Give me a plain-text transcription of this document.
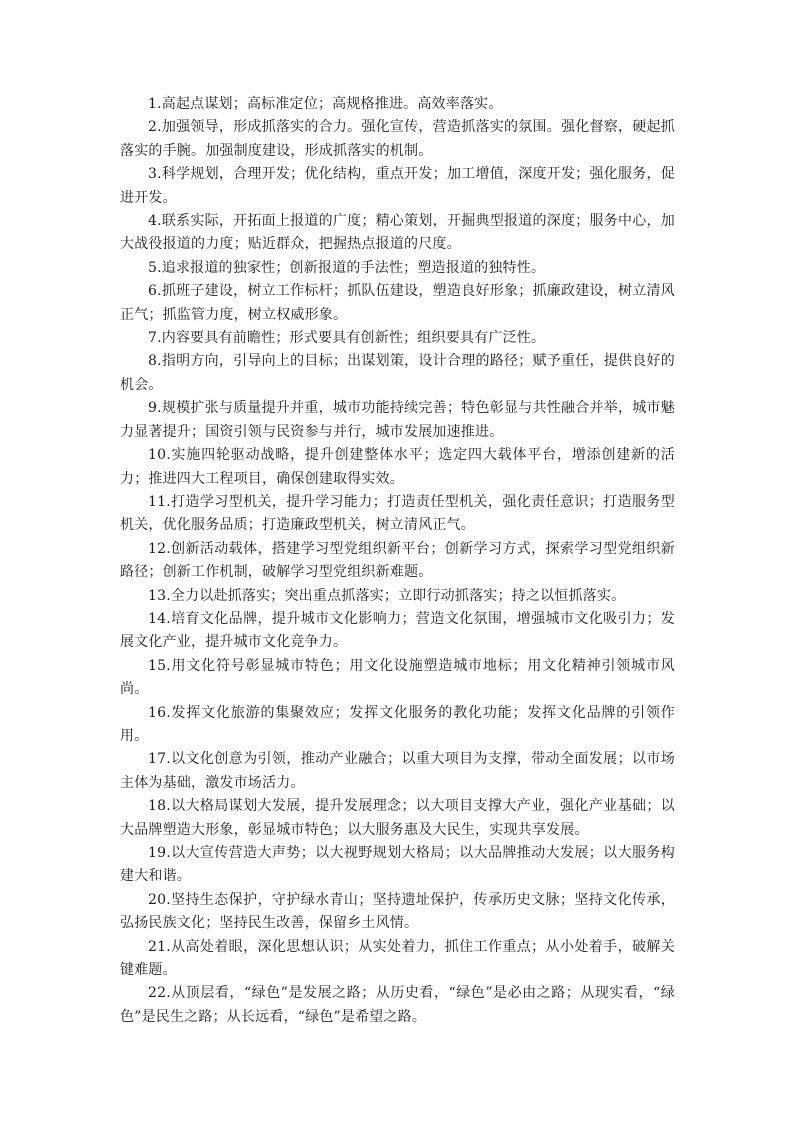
1.高起点谋划；高标准定位；高规格推进。高效率落实。

2.加强领导，形成抓落实的合力。强化宣传，营造抓落实的氛围。强化督察，硬起抓落实的手腕。加强制度建设，形成抓落实的机制。

3.科学规划，合理开发；优化结构，重点开发；加工增值，深度开发；强化服务，促进开发。

4.联系实际，开拓面上报道的广度；精心策划，开掘典型报道的深度；服务中心，加大战役报道的力度；贴近群众，把握热点报道的尺度。

5.追求报道的独家性；创新报道的手法性；塑造报道的独特性。

6.抓班子建设，树立工作标杆；抓队伍建设，塑造良好形象；抓廉政建设，树立清风正气；抓监管力度，树立权威形象。

7.内容要具有前瞻性；形式要具有创新性；组织要具有广泛性。

8.指明方向，引导向上的目标；出谋划策，设计合理的路径；赋予重任，提供良好的机会。

9.规模扩张与质量提升并重，城市功能持续完善；特色彰显与共性融合并举，城市魅力显著提升；国资引领与民资参与并行，城市发展加速推进。

10.实施四轮驱动战略，提升创建整体水平；选定四大载体平台，增添创建新的活力；推进四大工程项目，确保创建取得实效。

11.打造学习型机关，提升学习能力；打造责任型机关，强化责任意识；打造服务型机关，优化服务品质；打造廉政型机关，树立清风正气。

12.创新活动载体，搭建学习型党组织新平台；创新学习方式，探索学习型党组织新路径；创新工作机制，破解学习型党组织新难题。

13.全力以赴抓落实；突出重点抓落实；立即行动抓落实；持之以恒抓落实。

14.培育文化品牌，提升城市文化影响力；营造文化氛围，增强城市文化吸引力；发展文化产业，提升城市文化竞争力。

15.用文化符号彰显城市特色；用文化设施塑造城市地标；用文化精神引领城市风尚。

16.发挥文化旅游的集聚效应；发挥文化服务的教化功能；发挥文化品牌的引领作用。

17.以文化创意为引领，推动产业融合；以重大项目为支撑，带动全面发展；以市场主体为基础，激发市场活力。

18.以大格局谋划大发展，提升发展理念；以大项目支撑大产业，强化产业基础；以大品牌塑造大形象，彰显城市特色；以大服务惠及大民生，实现共享发展。

19.以大宣传营造大声势；以大视野规划大格局；以大品牌推动大发展；以大服务构建大和谐。

20.坚持生态保护，守护绿水青山；坚持遗址保护，传承历史文脉；坚持文化传承，弘扬民族文化；坚持民生改善，保留乡土风情。

21.从高处着眼，深化思想认识；从实处着力，抓住工作重点；从小处着手，破解关键难题。

22.从顶层看，“绿色”是发展之路；从历史看，“绿色”是必由之路；从现实看，“绿色”是民生之路；从长远看，“绿色”是希望之路。
